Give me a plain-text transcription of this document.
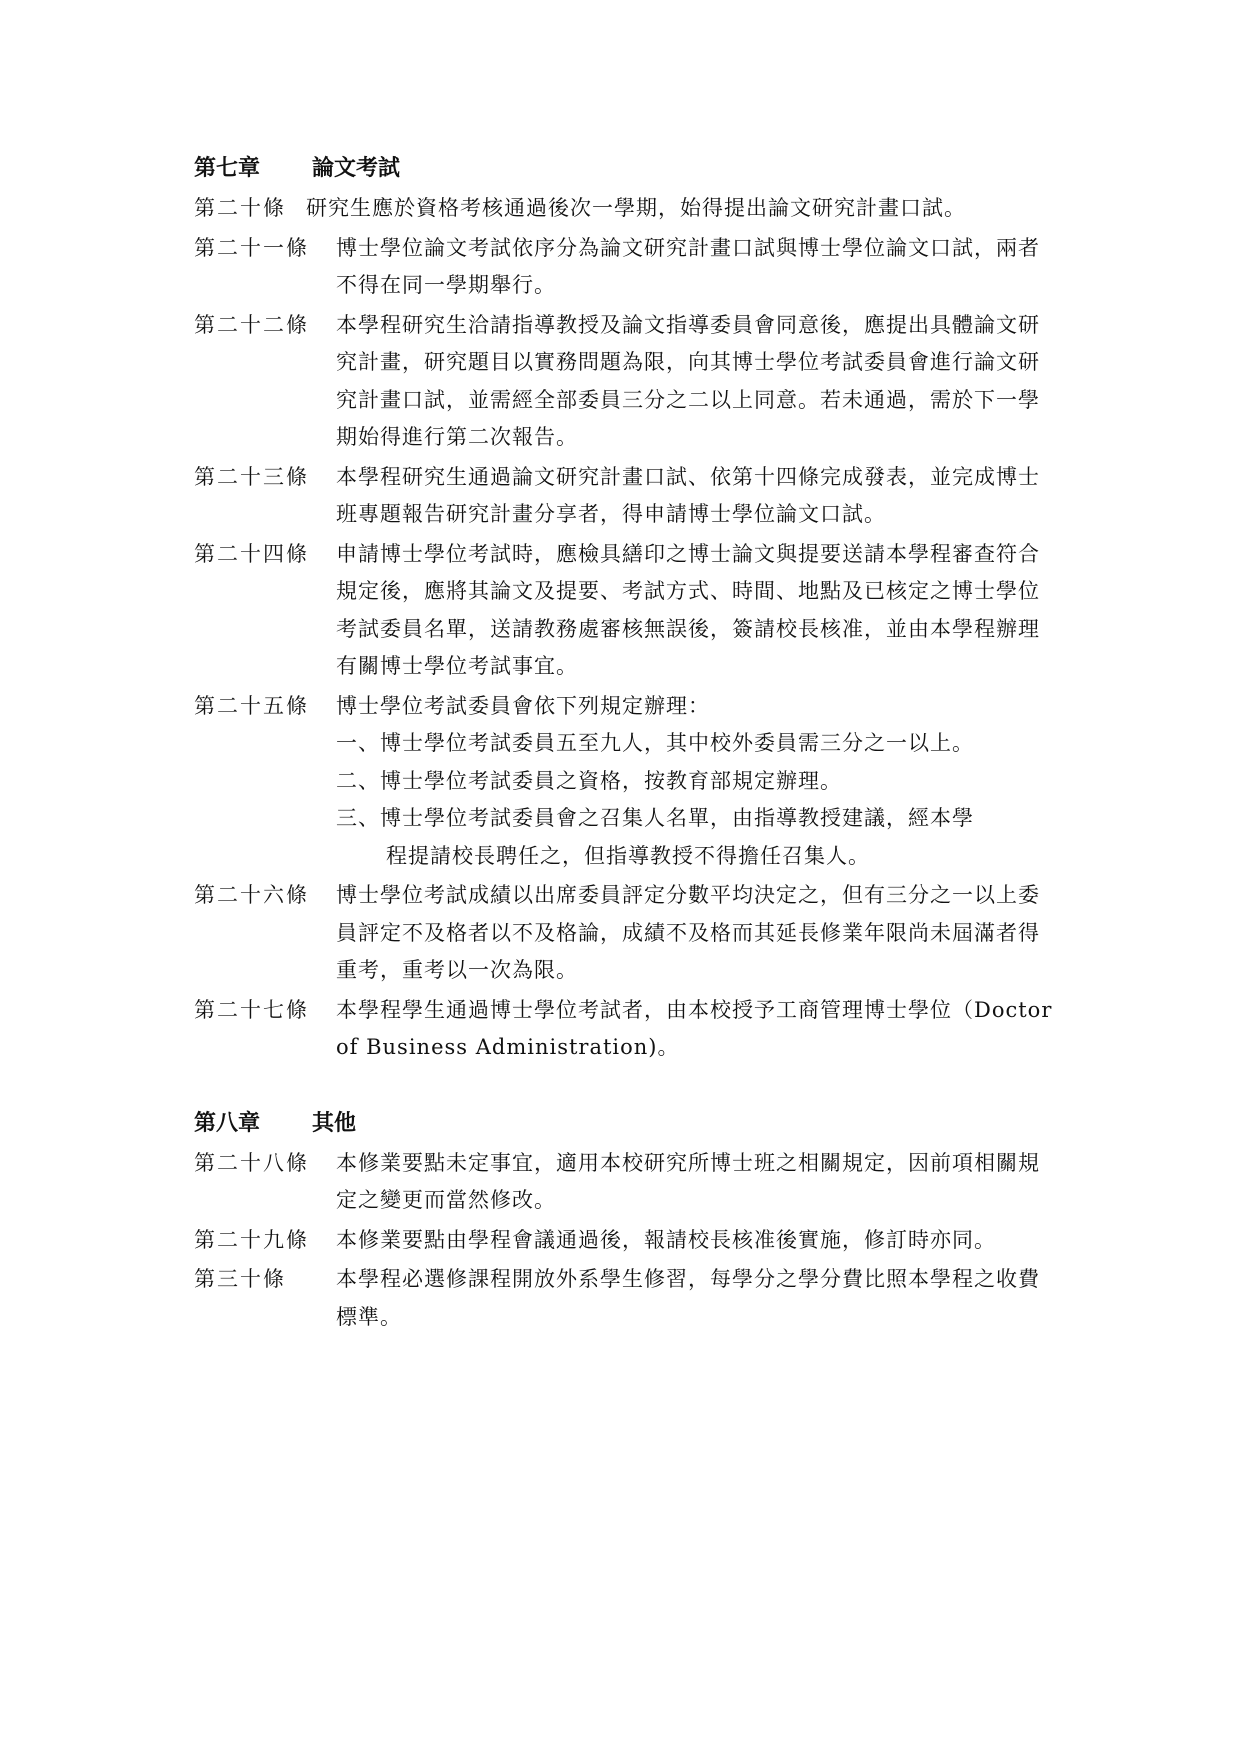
第七章	論文考試
第二十條 研究生應於資格考核通過後次一學期，始得提出論文研究計畫口試。
第二十一條	博士學位論文考試依序分為論文研究計畫口試與博士學位論文口試，兩者不得在同一學期舉行。
第二十二條	本學程研究生洽請指導教授及論文指導委員會同意後，應提出具體論文研究計畫，研究題目以實務問題為限，向其博士學位考試委員會進行論文研究計畫口試，並需經全部委員三分之二以上同意。若未通過，需於下一學期始得進行第二次報告。
第二十三條	本學程研究生通過論文研究計畫口試、依第十四條完成發表，並完成博士班專題報告研究計畫分享者，得申請博士學位論文口試。
第二十四條	申請博士學位考試時，應檢具繕印之博士論文與提要送請本學程審查符合規定後，應將其論文及提要、考試方式、時間、地點及已核定之博士學位考試委員名單，送請教務處審核無誤後，簽請校長核准，並由本學程辦理有關博士學位考試事宜。
第二十五條	博士學位考試委員會依下列規定辦理：
一、博士學位考試委員五至九人，其中校外委員需三分之一以上。
二、博士學位考試委員之資格，按教育部規定辦理。
三、博士學位考試委員會之召集人名單，由指導教授建議，經本學
程提請校長聘任之，但指導教授不得擔任召集人。
第二十六條	博士學位考試成績以出席委員評定分數平均決定之，但有三分之一以上委員評定不及格者以不及格論，成績不及格而其延長修業年限尚未屆滿者得重考，重考以一次為限。
第二十七條	本學程學生通過博士學位考試者，由本校授予工商管理博士學位（Doctor of Business Administration)。
第八章	其他
第二十八條	本修業要點未定事宜，適用本校研究所博士班之相關規定，因前項相關規定之變更而當然修改。
第二十九條	本修業要點由學程會議通過後，報請校長核准後實施，修訂時亦同。
第三十條	本學程必選修課程開放外系學生修習，每學分之學分費比照本學程之收費標準。
